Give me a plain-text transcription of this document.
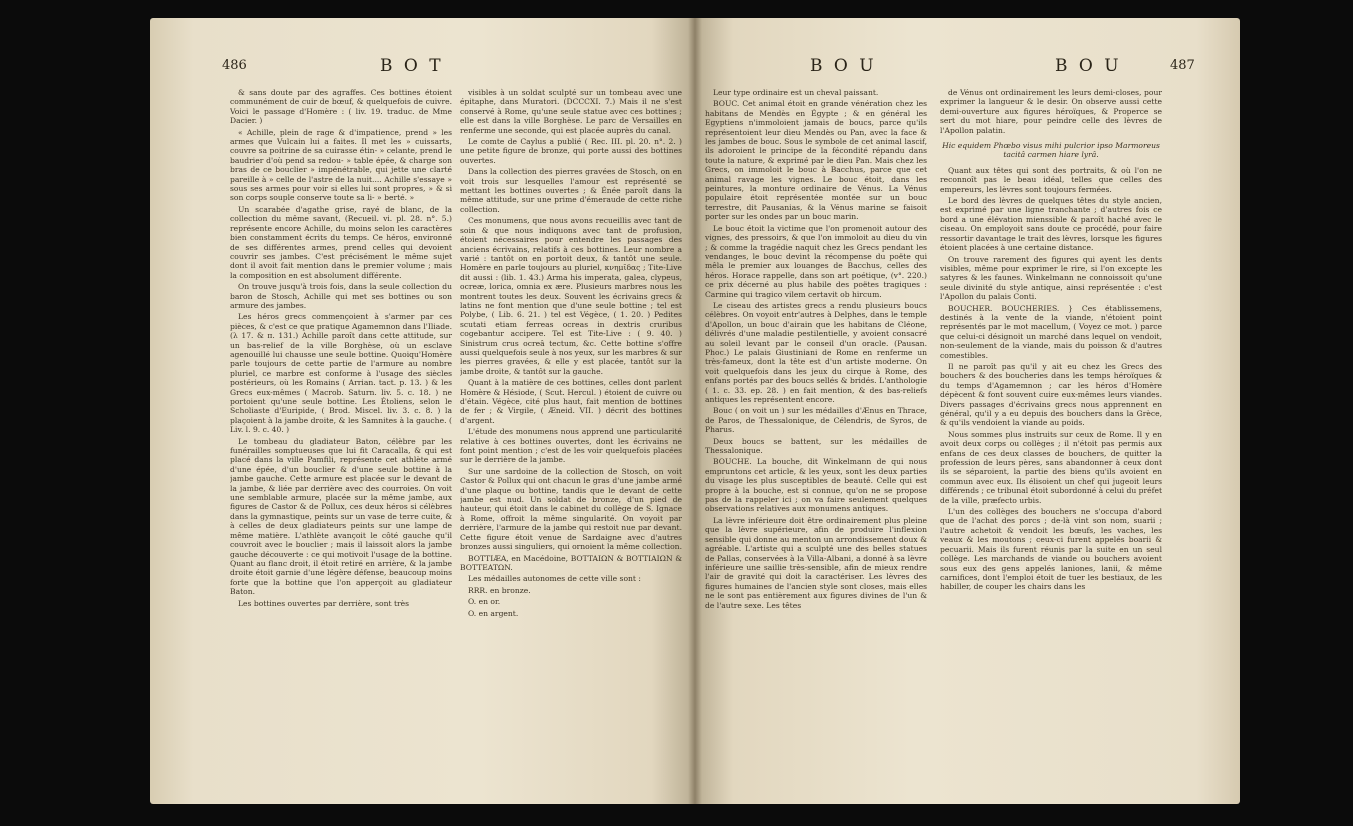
486	B O T

& sans doute par des agraffes. Ces bottines étoient communément de cuir de bœuf, & quelquefois de cuivre. Voici le passage d'Homère : ( liv. 19. traduc. de Mme Dacier. )

« Achille, plein de rage & d'impatience, prend » les armes que Vulcain lui a faites. Il met les » cuissarts, couvre sa poitrine de sa cuirasse étin- » celante, prend le baudrier d'où pend sa redou- » table épée, & charge son bras de ce bouclier » impénétrable, qui jette une clarté pareille à » celle de l'astre de la nuit.... Achille s'essaye » sous ses armes pour voir si elles lui sont propres, » & si son corps souple conserve toute sa li- » berté. »

Un scarabée d'agathe grise, rayé de blanc, de la collection du même savant, (Recueil. vi. pl. 28. n°. 5.) représente encore Achille, du moins selon les caractères bien constamment écrits du temps. Ce héros, environné de ses différentes armes, prend celles qui devoient couvrir ses jambes. C'est précisément le même sujet dont il avoit fait mention dans le premier volume ; mais la composition en est absolument différente.

On trouve jusqu'à trois fois, dans la seule collection du baron de Stosch, Achille qui met ses bottines ou son armure des jambes.

Les héros grecs commençoient à s'armer par ces pièces, & c'est ce que pratique Agamemnon dans l'Iliade. (λ 17. & π. 131.) Achille paroît dans cette attitude, sur un bas-relief de la ville Borghèse, où un esclave agenouillé lui chausse une seule bottine. Quoiqu'Homère parle toujours de cette partie de l'armure au nombre pluriel, ce marbre est conforme à l'usage des siècles postérieurs, où les Romains ( Arrian. tact. p. 13. ) & les Grecs eux-mêmes ( Macrob. Saturn. liv. 5. c. 18. ) ne portoient qu'une seule bottine. Les Étoliens, selon le Scholiaste d'Euripide, ( Brod. Miscel. liv. 3. c. 8. ) la plaçoient à la jambe droite, & les Samnites à la gauche. ( Liv. l. 9. c. 40. )

Le tombeau du gladiateur Baton, célèbre par les funérailles somptueuses que lui fit Caracalla, & qui est placé dans la ville Pamfili, représente cet athlète armé d'une épée, d'un bouclier & d'une seule bottine à la jambe gauche. Cette armure est placée sur le devant de la jambe, & liée par derrière avec des courroies. On voit une semblable armure, placée sur la même jambe, aux figures de Castor & de Pollux, ces deux héros si célèbres dans la gymnastique, peints sur un vase de terre cuite, & à celles de deux gladiateurs peints sur une lampe de même matière. L'athlète avançoit le côté gauche qu'il couvroit avec le bouclier ; mais il laissoit alors la jambe gauche découverte : ce qui motivoit l'usage de la bottine. Quant au flanc droit, il étoit retiré en arrière, & la jambe droite étoit garnie d'une légère défense, beaucoup moins forte que la bottine que l'on apperçoit au gladiateur Baton.

Les bottines ouvertes par derrière, sont très

visibles à un soldat sculpté sur un tombeau avec une épitaphe, dans Muratori. (DCCCXI. 7.) Mais il ne s'est conservé à Rome, qu'une seule statue avec ces bottines ; elle est dans la ville Borghèse. Le parc de Versailles en renferme une seconde, qui est placée auprès du canal.

Le comte de Caylus a publié ( Rec. III. pl. 20. n°. 2. ) une petite figure de bronze, qui porte aussi des bottines ouvertes.

Dans la collection des pierres gravées de Stosch, on en voit trois sur lesquelles l'amour est représenté se mettant les bottines ouvertes ; & Énée paroît dans la même attitude, sur une prime d'émeraude de cette riche collection.

Ces monumens, que nous avons recueillis avec tant de soin & que nous indiquons avec tant de profusion, étoient nécessaires pour entendre les passages des anciens écrivains, relatifs à ces bottines. Leur nombre a varié : tantôt on en portoit deux, & tantôt une seule. Homère en parle toujours au pluriel, κνημῖδας ; Tite-Live dit aussi : (lib. 1. 43.) Arma his imperata, galea, clypeus, ocreæ, lorica, omnia ex ære. Plusieurs marbres nous les montrent toutes les deux. Souvent les écrivains grecs & latins ne font mention que d'une seule bottine ; tel est Polybe, ( Lib. 6. 21. ) tel est Végèce, ( 1. 20. ) Pedites scutati etiam ferreas ocreas in dextris cruribus cogebantur accipere. Tel est Tite-Live : ( 9. 40. ) Sinistrum crus ocreâ tectum, &c. Cette bottine s'offre aussi quelquefois seule à nos yeux, sur les marbres & sur les pierres gravées, & elle y est placée, tantôt sur la jambe droite, & tantôt sur la gauche.

Quant à la matière de ces bottines, celles dont parlent Homère & Hésiode, ( Scut. Hercul. ) étoient de cuivre ou d'étain. Végèce, cité plus haut, fait mention de bottines de fer ; & Virgile, ( Æneid. VII. ) décrit des bottines d'argent.

L'étude des monumens nous apprend une particularité relative à ces bottines ouvertes, dont les écrivains ne font point mention ; c'est de les voir quelquefois placées sur le derrière de la jambe.

Sur une sardoine de la collection de Stosch, on voit Castor & Pollux qui ont chacun le gras d'une jambe armé d'une plaque ou bottine, tandis que le devant de cette jambe est nud. Un soldat de bronze, d'un pied de hauteur, qui étoit dans le cabinet du collège de S. Ignace à Rome, offroit la même singularité. On voyoit par derrière, l'armure de la jambe qui restoit nue par devant. Cette figure étoit venue de Sardaigne avec d'autres bronzes aussi singuliers, qui ornoient la même collection.

BOTTIÆA, en Macédoine, BOTTAIΩN & BOTTIAIΩN & BOTTEATΩN.

Les médailles autonomes de cette ville sont :

RRR. en bronze.

O. en or.

O. en argent.

B O U	487
B O U

Leur type ordinaire est un cheval paissant.

BOUC. Cet animal étoit en grande vénération chez les habitans de Mendès en Égypte ; & en général les Egyptiens n'immoloient jamais de boucs, parce qu'ils représentoient leur dieu Mendès ou Pan, avec la face & les jambes de bouc. Sous le symbole de cet animal lascif, ils adoroient le principe de la fécondité répandu dans toute la nature, & exprimé par le dieu Pan. Mais chez les Grecs, on immoloit le bouc à Bacchus, parce que cet animal ravage les vignes. Le bouc étoit, dans les peintures, la monture ordinaire de Vénus. La Vénus populaire étoit représentée montée sur un bouc terrestre, dit Pausanias, & la Vénus marine se faisoit porter sur les ondes par un bouc marin.

Le bouc étoit la victime que l'on promenoit autour des vignes, des pressoirs, & que l'on immoloit au dieu du vin ; & comme la tragédie naquit chez les Grecs pendant les vendanges, le bouc devint la récompense du poëte qui mêla le premier aux louanges de Bacchus, celles des héros. Horace rappelle, dans son art poétique, (v°. 220.) ce prix décerné au plus habile des poëtes tragiques : Carmine qui tragico vilem certavit ob hircum.

Le ciseau des artistes grecs a rendu plusieurs boucs célèbres. On voyoit entr'autres à Delphes, dans le temple d'Apollon, un bouc d'airain que les habitans de Cléone, délivrés d'une maladie pestilentielle, y avoient consacré au soleil levant par le conseil d'un oracle. (Pausan. Phoc.) Le palais Giustiniani de Rome en renferme un très-fameux, dont la tête est d'un artiste moderne. On voit quelquefois dans les jeux du cirque à Rome, des enfans portés par des boucs sellés & bridés. L'anthologie ( 1. c. 33. ep. 28. ) en fait mention, & des bas-reliefs antiques les représentent encore.

Bouc ( on voit un ) sur les médailles d'Ænus en Thrace, de Paros, de Thessalonique, de Célendris, de Syros, de Pharus.

Deux boucs se battent, sur les médailles de Thessalonique.

BOUCHE. La bouche, dit Winkelmann de qui nous empruntons cet article, & les yeux, sont les deux parties du visage les plus susceptibles de beauté. Celle qui est propre à la bouche, est si connue, qu'on ne se propose pas de la rappeler ici ; on va faire seulement quelques observations relatives aux monumens antiques.

La lèvre inférieure doit être ordinairement plus pleine que la lèvre supérieure, afin de produire l'inflexion sensible qui donne au menton un arrondissement doux & agréable. L'artiste qui a sculpté une des belles statues de Pallas, conservées à la Villa-Albani, a donné à sa lèvre inférieure une saillie très-sensible, afin de mieux rendre l'air de gravité qui doit la caractériser. Les lèvres des figures humaines de l'ancien style sont closes, mais elles ne le sont pas entièrement aux figures divines de l'un & de l'autre sexe. Les têtes

de Vénus ont ordinairement les leurs demi-closes, pour exprimer la langueur & le desir. On observe aussi cette demi-ouverture aux figures héroïques, & Properce se sert du mot hiare, pour peindre celle des lèvres de l'Apollon palatin.

Hic equidem Phœbo visus mihi pulcrior ipso Marmoreus tacitâ carmen hiare lyrâ.

Quant aux têtes qui sont des portraits, & où l'on ne reconnoît pas le beau idéal, telles que celles des empereurs, les lèvres sont toujours fermées.

Le bord des lèvres de quelques têtes du style ancien, est exprimé par une ligne tranchante ; d'autres fois ce bord a une élévation mienssible & paroît haché avec le ciseau. On employoit sans doute ce procédé, pour faire ressortir davantage le trait des lèvres, lorsque les figures étoient placées à une certaine distance.

On trouve rarement des figures qui ayent les dents visibles, même pour exprimer le rire, si l'on excepte les satyres & les faunes. Winkelmann ne connoissoit qu'une seule divinité du style antique, ainsi représentée : c'est l'Apollon du palais Conti.

BOUCHER. BOUCHERIES. } Ces établissemens, destinés à la vente de la viande, n'étoient point représentés par le mot macellum, ( Voyez ce mot. ) parce que celui-ci désignoit un marché dans lequel on vendoit, non-seulement de la viande, mais du poisson & d'autres comestibles.

Il ne paroît pas qu'il y ait eu chez les Grecs des bouchers & des boucheries dans les temps héroïques & du temps d'Agamemnon ; car les héros d'Homère dépècent & font souvent cuire eux-mêmes leurs viandes. Divers passages d'écrivains grecs nous apprennent en général, qu'il y a eu depuis des bouchers dans la Grèce, & qu'ils vendoient la viande au poids.

Nous sommes plus instruits sur ceux de Rome. Il y en avoit deux corps ou collèges ; il n'étoit pas permis aux enfans de ces deux classes de bouchers, de quitter la profession de leurs pères, sans abandonner à ceux dont ils se séparoient, la partie des biens qu'ils avoient en commun avec eux. Ils élisoient un chef qui jugeoit leurs différends ; ce tribunal étoit subordonné à celui du préfet de la ville, præfecto urbis.

L'un des collèges des bouchers ne s'occupa d'abord que de l'achat des porcs ; de-là vint son nom, suarii ; l'autre achetoit & vendoit les bœufs, les vaches, les veaux & les moutons ; ceux-ci furent appelés boarii & pecuarii. Mais ils furent réunis par la suite en un seul collège. Les marchands de viande ou bouchers avoient sous eux des gens appelés laniones, lanii, & même carnifices, dont l'emploi étoit de tuer les bestiaux, de les habiller, de couper les chairs dans les
